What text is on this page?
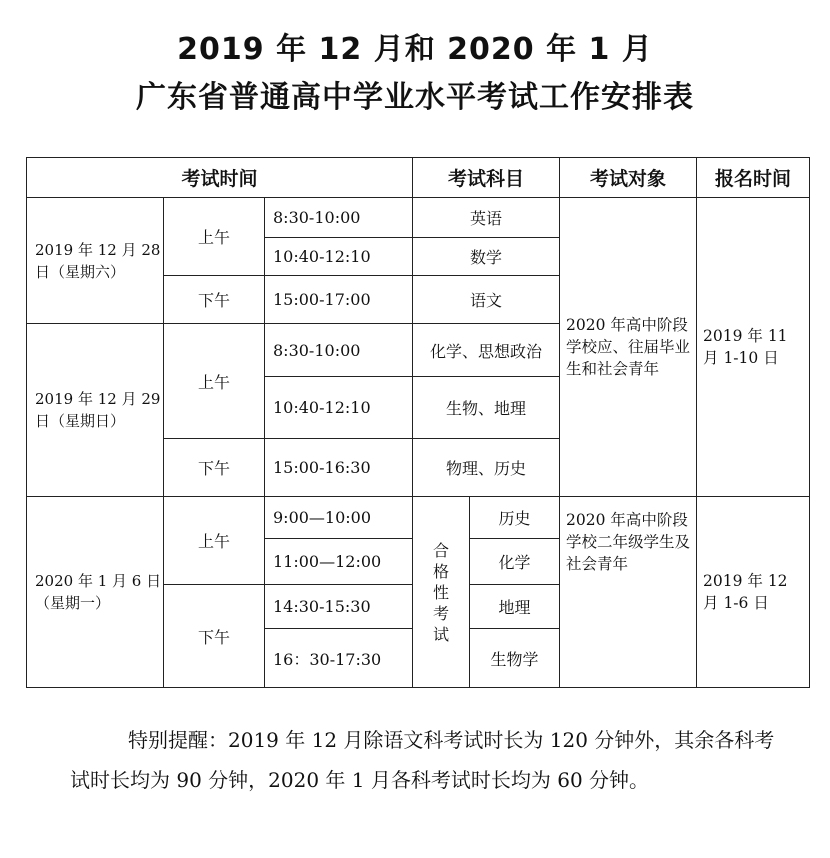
2019 年 12 月和 2020 年 1 月
广东省普通高中学业水平考试工作安排表
考试时间			考试科目		考试对象	报名时间
2019 年 12 月 28 日（星期六）	上午	8:30-10:00	英语		2020 年高中阶段学校应、往届毕业生和社会青年	2019 年 11 月 1-10 日
		10:40-12:10	数学			
	下午	15:00-17:00	语文			
2019 年 12 月 29 日（星期日）	上午	8:30-10:00	化学、思想政治			
		10:40-12:10	生物、地理			
	下午	15:00-16:30	物理、历史			
2020 年 1 月 6 日（星期一）	上午	9:00—10:00	合格性考试	历史	2020 年高中阶段学校二年级学生及社会青年	2019 年 12 月 1-6 日
		11:00—12:00		化学		
	下午	14:30-15:30		地理		
		16：30-17:30		生物学		
特别提醒：2019 年 12 月除语文科考试时长为 120 分钟外，其余各科考试时长均为 90 分钟，2020 年 1 月各科考试时长均为 60 分钟。
